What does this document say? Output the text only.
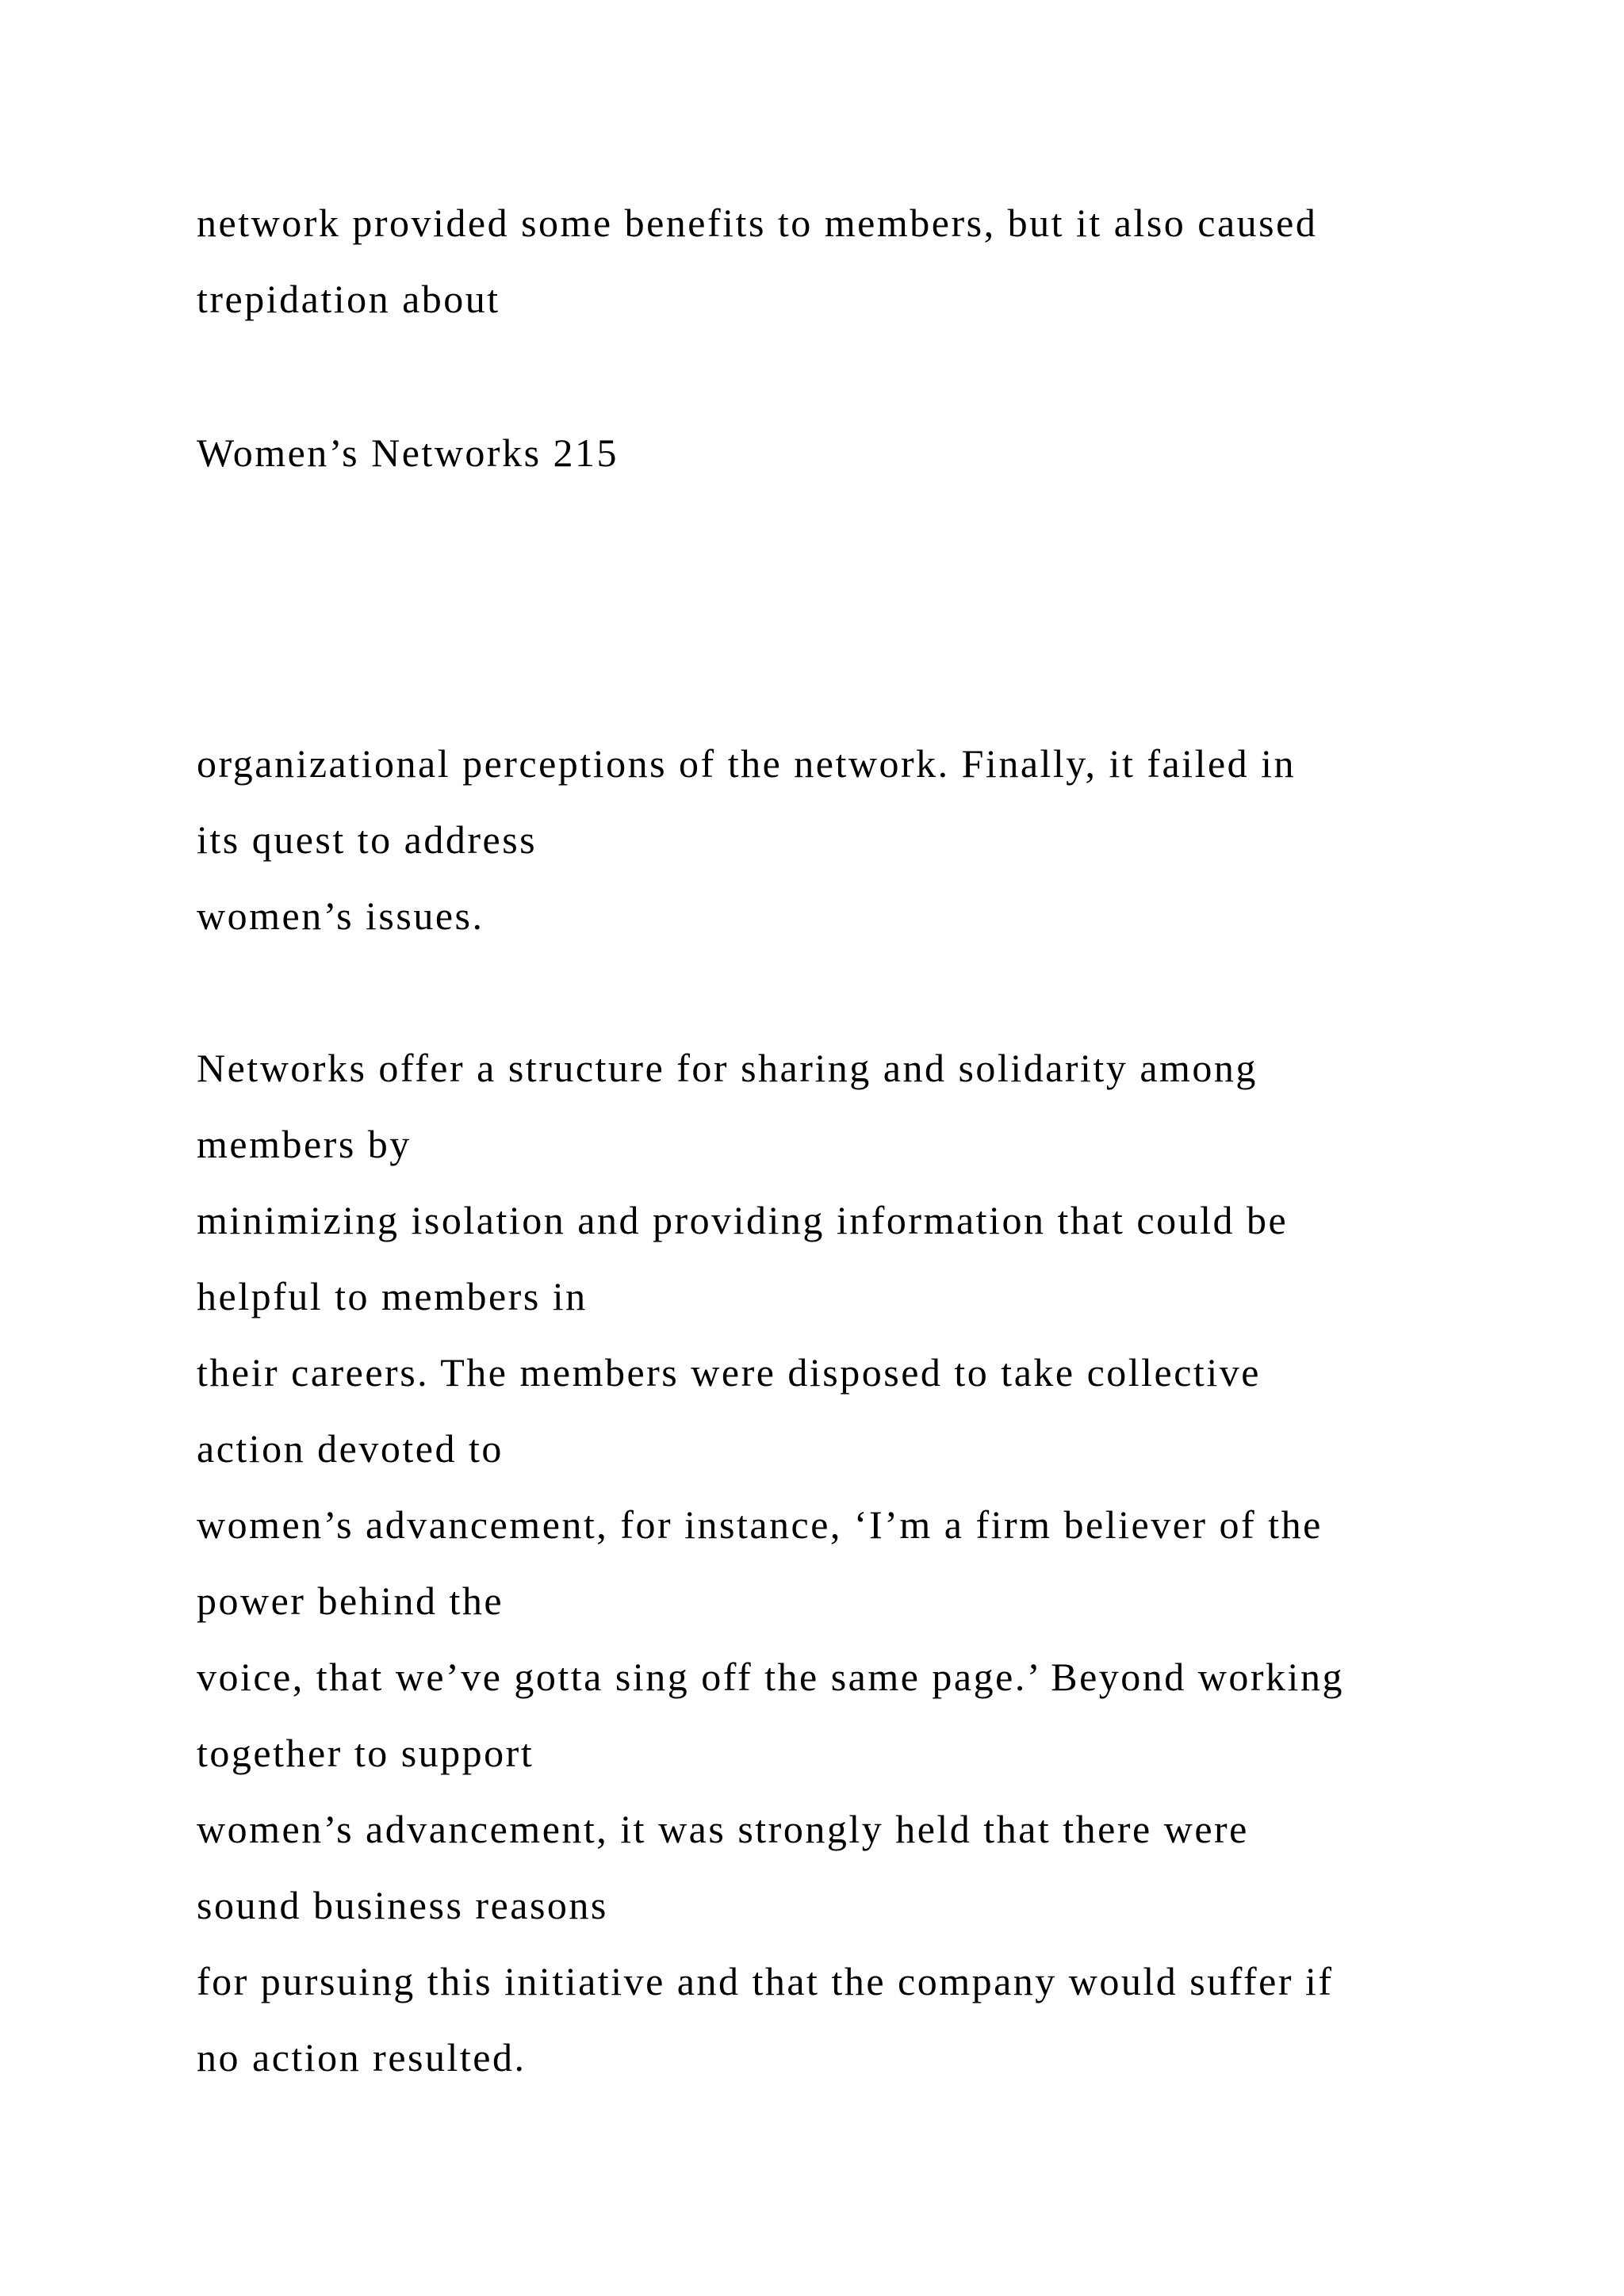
network provided some benefits to members, but it also caused
trepidation about
Women’s Networks 215
organizational perceptions of the network. Finally, it failed in
its quest to address
women’s issues.
Networks offer a structure for sharing and solidarity among
members by
minimizing isolation and providing information that could be
helpful to members in
their careers. The members were disposed to take collective
action devoted to
women’s advancement, for instance, ‘I’m a firm believer of the
power behind the
voice, that we’ve gotta sing off the same page.’ Beyond working
together to support
women’s advancement, it was strongly held that there were
sound business reasons
for pursuing this initiative and that the company would suffer if
no action resulted.
